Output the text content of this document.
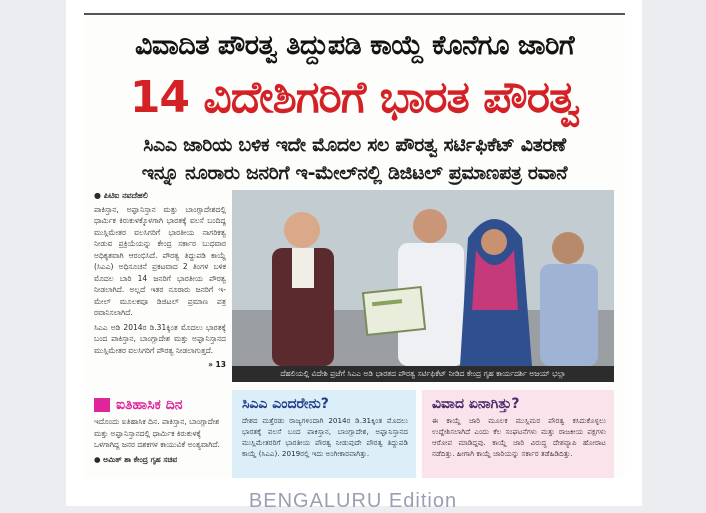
ವಿವಾದಿತ ಪೌರತ್ವ ತಿದ್ದುಪಡಿ ಕಾಯ್ದೆ ಕೊನೆಗೂ ಜಾರಿಗೆ
14 ವಿದೇಶಿಗರಿಗೆ ಭಾರತ ಪೌರತ್ವ
ಸಿಎಎ ಜಾರಿಯ ಬಳಿಕ ಇದೇ ಮೊದಲ ಸಲ ಪೌರತ್ವ ಸರ್ಟಿಫಿಕೆಟ್ ವಿತರಣೆ
ಇನ್ನೂ ನೂರಾರು ಜನರಿಗೆ ಇ-ಮೇಲ್‌ನಲ್ಲಿ ಡಿಜಿಟಲ್ ಪ್ರಮಾಣಪತ್ರ ರವಾನೆ
● ಪಿಟಿಐ ನವದೆಹಲಿ

ಪಾಕಿಸ್ತಾನ, ಅಫ್ಘಾನಿಸ್ತಾನ ಮತ್ತು ಬಾಂಗ್ಲಾದೇಶದಲ್ಲಿ ಧಾರ್ಮಿಕ ಕಿರುಕುಳಕ್ಕೊಳಗಾಗಿ ಭಾರತಕ್ಕೆ ವಲಸೆ ಬಂದಿದ್ದ ಮುಸ್ಲಿಮೇತರ ವಲಸಿಗರಿಗೆ ಭಾರತೀಯ ನಾಗರಿಕತ್ವ ನೀಡುವ ಪ್ರಕ್ರಿಯೆಯನ್ನು ಕೇಂದ್ರ ಸರ್ಕಾರ ಬುಧವಾರ ಅಧಿಕೃತವಾಗಿ ಆರಂಭಿಸಿದೆ. ಪೌರತ್ವ ತಿದ್ದುಪಡಿ ಕಾಯ್ದೆ (ಸಿಎಎ) ಅಧಿಸೂಚನೆ ಪ್ರಕಟವಾದ 2 ತಿಂಗಳ ಬಳಿಕ ಮೊದಲ ಬಾರಿ 14 ಜನರಿಗೆ ಭಾರತೀಯ ಪೌರತ್ವ ನೀಡಲಾಗಿದೆ. ಅಲ್ಲದೆ ಇತರ ನೂರಾರು ಜನರಿಗೆ ಇ-ಮೇಲ್ ಮೂಲಕವೂ ಡಿಜಿಟಲ್ ಪ್ರಮಾಣ ಪತ್ರ ರವಾನಿಸಲಾಗಿದೆ.

ಸಿಎಎ ಅಡಿ 2014ರ ಡಿ.31ಕ್ಕಿಂತ ಮೊದಲು ಭಾರತಕ್ಕೆ ಬಂದ ಪಾಕಿಸ್ತಾನ, ಬಾಂಗ್ಲಾದೇಶ ಮತ್ತು ಅಫ್ಘಾನಿಸ್ತಾನದ ಮುಸ್ಲಿಮೇತರ ವಲಸಿಗರಿಗೆ ಪೌರತ್ವ ನೀಡಲಾಗುತ್ತದೆ.

» 13
ದೆಹಲಿಯಲ್ಲಿ ವಿದೇಶಿ ಪ್ರಜೆಗೆ ಸಿಎಎ ಅಡಿ ಭಾರತದ ಪೌರತ್ವ ಸರ್ಟಿಫಿಕೆಟ್ ನೀಡಿದ ಕೇಂದ್ರ ಗೃಹ ಕಾರ್ಯದರ್ಶಿ ಅಜಯ್ ಭಲ್ಲಾ
ಐತಿಹಾಸಿಕ ದಿನ

ಇದೊಂದು ಐತಿಹಾಸಿಕ ದಿನ. ಪಾಕಿಸ್ತಾನ, ಬಾಂಗ್ಲಾದೇಶ ಮತ್ತು ಅಫ್ಘಾನಿಸ್ತಾನದಲ್ಲಿ ಧಾರ್ಮಿಕ ಕಿರುಕುಳಕ್ಕೆ ಒಳಗಾಗಿದ್ದ ಜನರ ದಶಕಗಳ ಕಾಯುವಿಕೆ ಅಂತ್ಯವಾಗಿದೆ.

● ಅಮಿತ್ ಶಾ ಕೇಂದ್ರ ಗೃಹ ಸಚಿವ

ಸಿಎಎ ಎಂದರೇನು?
ದೇಶದ ಮತ್ತೆರಡು ರಾಜ್ಯಗಳಿಂದಾಗಿ 2014ರ ಡಿ.31ಕ್ಕಿಂತ ಮೊದಲು ಭಾರತಕ್ಕೆ ವಲಸೆ ಬಂದ ಪಾಕಿಸ್ತಾನ, ಬಾಂಗ್ಲಾದೇಶ, ಅಫ್ಘಾನಿಸ್ತಾನದ ಮುಸ್ಲಿಮೇತರರಿಗೆ ಭಾರತೀಯ ಪೌರತ್ವ ನೀಡುವುದೇ ಪೌರತ್ವ ತಿದ್ದುಪಡಿ ಕಾಯ್ದೆ (ಸಿಎಎ). 2019ರಲ್ಲಿ ಇದು ಅಂಗೀಕಾರವಾಗಿತ್ತು.
ವಿವಾದ ಏನಾಗಿತ್ತು?
ಈ ಕಾಯ್ದೆ ಜಾರಿ ಮೂಲಕ ಮುಸ್ಲಿಮರ ಪೌರತ್ವ ಕಸಿದುಕೊಳ್ಳಲು ಉದ್ದೇಶಿಸಲಾಗಿದೆ ಎಂದು ಕೆಲ ಸಂಘಟನೆಗಳು ಮತ್ತು ರಾಜಕೀಯ ಪಕ್ಷಗಳು ಆರೋಪ ಮಾಡಿದ್ದವು. ಕಾಯ್ದೆ ಜಾರಿ ವಿರುದ್ಧ ದೇಶವ್ಯಾಪಿ ಹೋರಾಟ ನಡೆದಿತ್ತು. ಹೀಗಾಗಿ ಕಾಯ್ದೆ ಜಾರಿಯನ್ನು ಸರ್ಕಾರ ತಡೆಹಿಡಿದಿತ್ತು.
BENGALURU Edition
